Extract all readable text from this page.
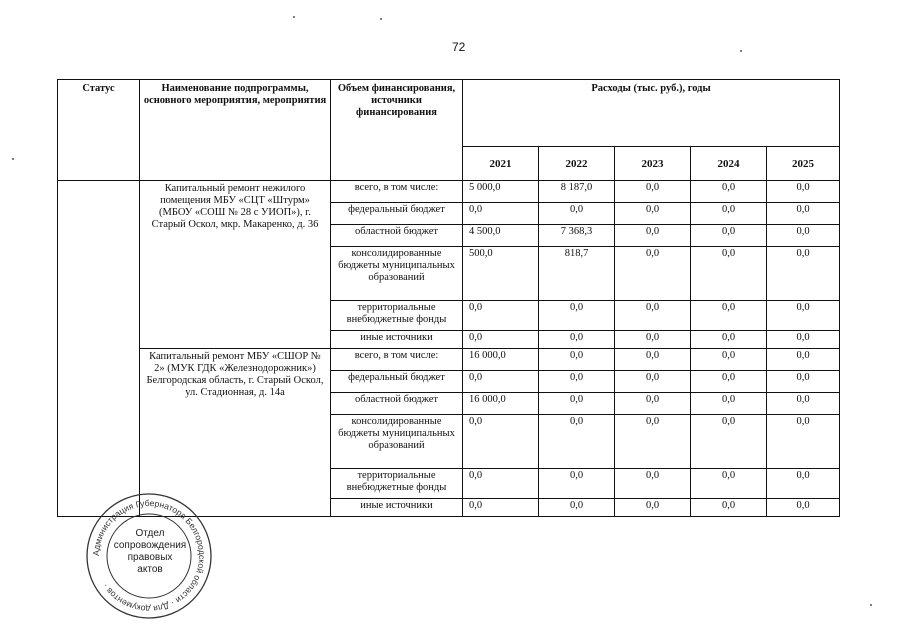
72
Статус	Наименование подпрограммы, основного мероприятия, мероприятия	Объем финансирования, источники финансирования	Расходы (тыс. руб.), годы				
			2021	2022	2023	2024	2025
	Капитальный ремонт нежилого помещения МБУ «СЦТ «Штурм» (МБОУ «СОШ № 28 с УИОП»), г. Старый Оскол, мкр. Макаренко, д. 36	всего, в том числе:	5 000,0	8 187,0	0,0	0,0	0,0
		федеральный бюджет	0,0	0,0	0,0	0,0	0,0
		областной бюджет	4 500,0	7 368,3	0,0	0,0	0,0
		консолидированные бюджеты муниципальных образований	500,0	818,7	0,0	0,0	0,0
		территориальные внебюджетные фонды	0,0	0,0	0,0	0,0	0,0
		иные источники	0,0	0,0	0,0	0,0	0,0
	Капитальный ремонт МБУ «СШОР № 2» (МУК ГДК «Железнодорожник») Белгородская область, г. Старый Оскол, ул. Стадионная, д. 14а	всего, в том числе:	16 000,0	0,0	0,0	0,0	0,0
		федеральный бюджет	0,0	0,0	0,0	0,0	0,0
		областной бюджет	16 000,0	0,0	0,0	0,0	0,0
		консолидированные бюджеты муниципальных образований	0,0	0,0	0,0	0,0	0,0
		территориальные внебюджетные фонды	0,0	0,0	0,0	0,0	0,0
		иные источники	0,0	0,0	0,0	0,0	0,0
Администрация Губернатора Белгородской области · Для документов ·
Отдел
сопровождения
правовых
актов
